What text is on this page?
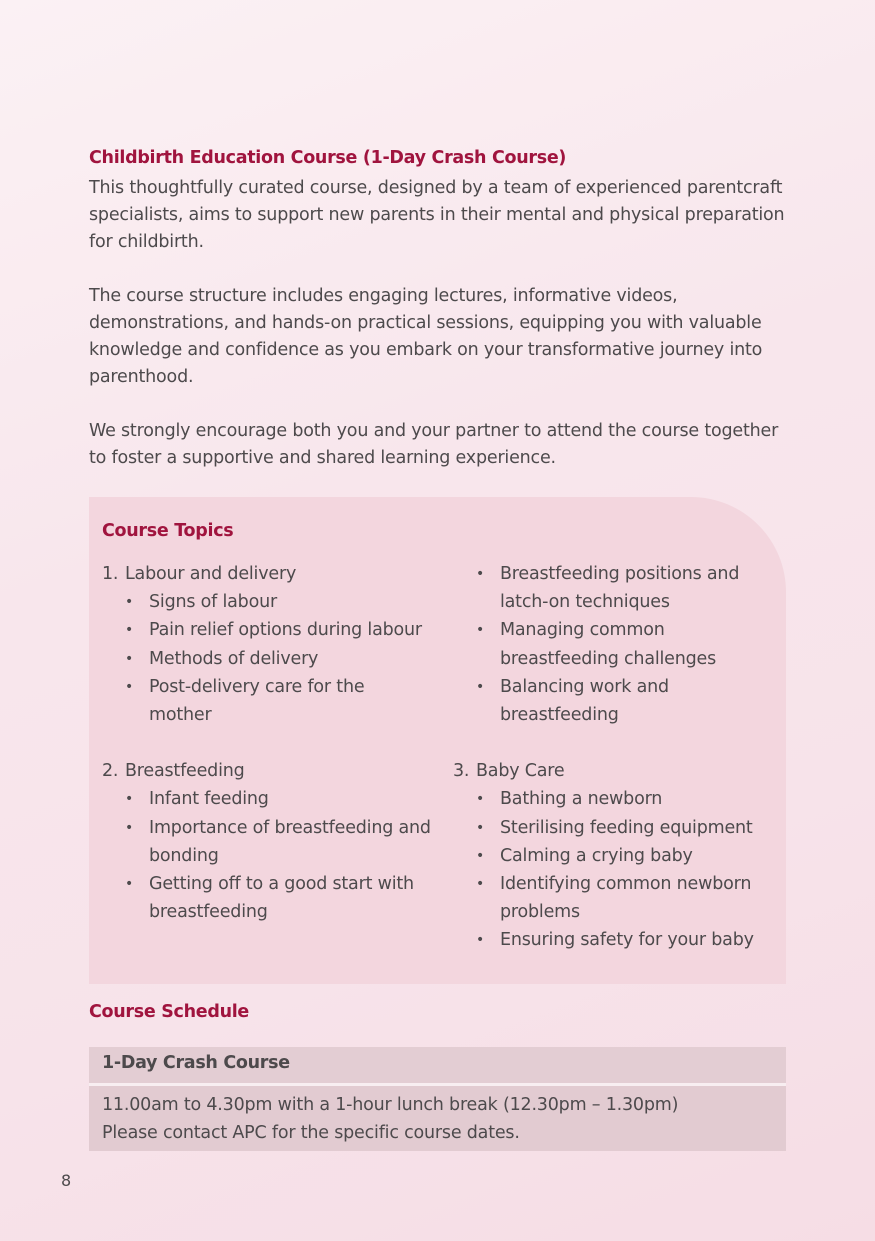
Childbirth Education Course (1-Day Crash Course)

This thoughtfully curated course, designed by a team of experienced parentcraft specialists, aims to support new parents in their mental and physical preparation for childbirth.

The course structure includes engaging lectures, informative videos, demonstrations, and hands-on practical sessions, equipping you with valuable knowledge and confidence as you embark on your transformative journey into parenthood.

We strongly encourage both you and your partner to attend the course together to foster a supportive and shared learning experience.

Course Topics
1. Labour and delivery
• Signs of labour
• Pain relief options during labour
• Methods of delivery
• Post-delivery care for the mother
2. Breastfeeding
• Infant feeding
• Importance of breastfeeding and bonding
• Getting off to a good start with breastfeeding
• Breastfeeding positions and latch-on techniques
• Managing common breastfeeding challenges
• Balancing work and breastfeeding
3. Baby Care
• Bathing a newborn
• Sterilising feeding equipment
• Calming a crying baby
• Identifying common newborn problems
• Ensuring safety for your baby
Course Schedule
1-Day Crash Course
11.00am to 4.30pm with a 1-hour lunch break (12.30pm – 1.30pm)
Please contact APC for the specific course dates.
8
